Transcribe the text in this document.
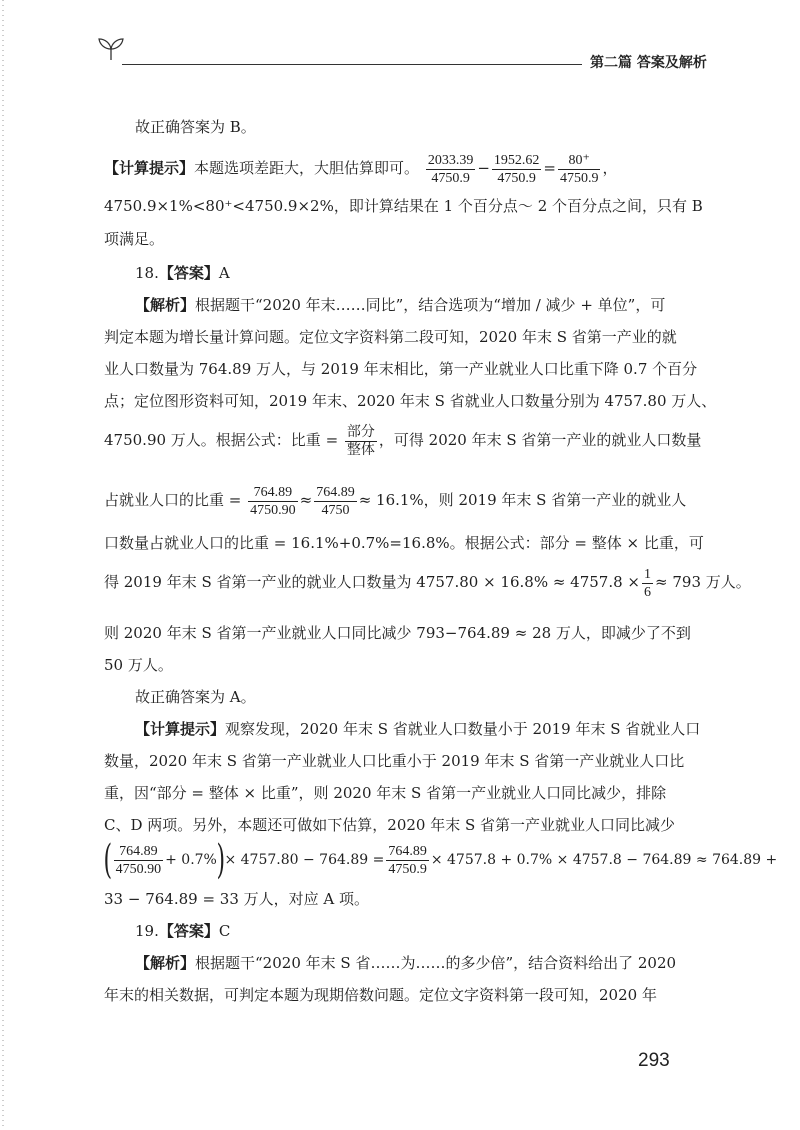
第二篇 答案及解析
故正确答案为 B。
【计算提示】本题选项差距大，大胆估算即可。 $\frac{2033.39}{4750.9} - \frac{1952.62}{4750.9} = \frac{80^+}{4750.9}$ ，
4750.9×1%<80⁺<4750.9×2%，即计算结果在 1 个百分点～ 2 个百分点之间，只有 B
项满足。
18.【答案】A
【解析】根据题干“2020 年末……同比”，结合选项为“增加 / 减少 + 单位”，可
判定本题为增长量计算问题。定位文字资料第二段可知，2020 年末 S 省第一产业的就
业人口数量为 764.89 万人，与 2019 年末相比，第一产业就业人口比重下降 0.7 个百分
点；定位图形资料可知，2019 年末、2020 年末 S 省就业人口数量分别为 4757.80 万人、
4750.90 万人。根据公式：比重 = $\frac{\text{部分}}{\text{整体}}$ ，可得 2020 年末 S 省第一产业的就业人口数量
占就业人口的比重 = $\frac{764.89}{4750.90} \approx \frac{764.89}{4750} \approx 16.1\%$，则 2019 年末 S 省第一产业的就业人
口数量占就业人口的比重 = 16.1%+0.7%=16.8%。根据公式：部分 = 整体 × 比重，可
得 2019 年末 S 省第一产业的就业人口数量为 $4757.80 \times 16.8\% \approx 4757.8 \times \frac{1}{6} \approx 793$ 万人。
则 2020 年末 S 省第一产业就业人口同比减少 793−764.89 ≈ 28 万人，即减少了不到
50 万人。
故正确答案为 A。
【计算提示】观察发现，2020 年末 S 省就业人口数量小于 2019 年末 S 省就业人口
数量，2020 年末 S 省第一产业就业人口比重小于 2019 年末 S 省第一产业就业人口比
重，因“部分 = 整体 × 比重”，则 2020 年末 S 省第一产业就业人口同比减少，排除
C、D 两项。另外，本题还可做如下估算，2020 年末 S 省第一产业就业人口同比减少
( $\frac{764.89}{4750.90} + 0.7\%)\times 4757.80 - 764.89 = \frac{764.89}{4750.9} \times 4757.8 + 0.7\% \times 4757.8 - 764.89 \approx 764.89$ +
33 − 764.89 = 33 万人，对应 A 项。
19.【答案】C
【解析】根据题干“2020 年末 S 省……为……的多少倍”，结合资料给出了 2020
年末的相关数据，可判定本题为现期倍数问题。定位文字资料第一段可知，2020 年
293
